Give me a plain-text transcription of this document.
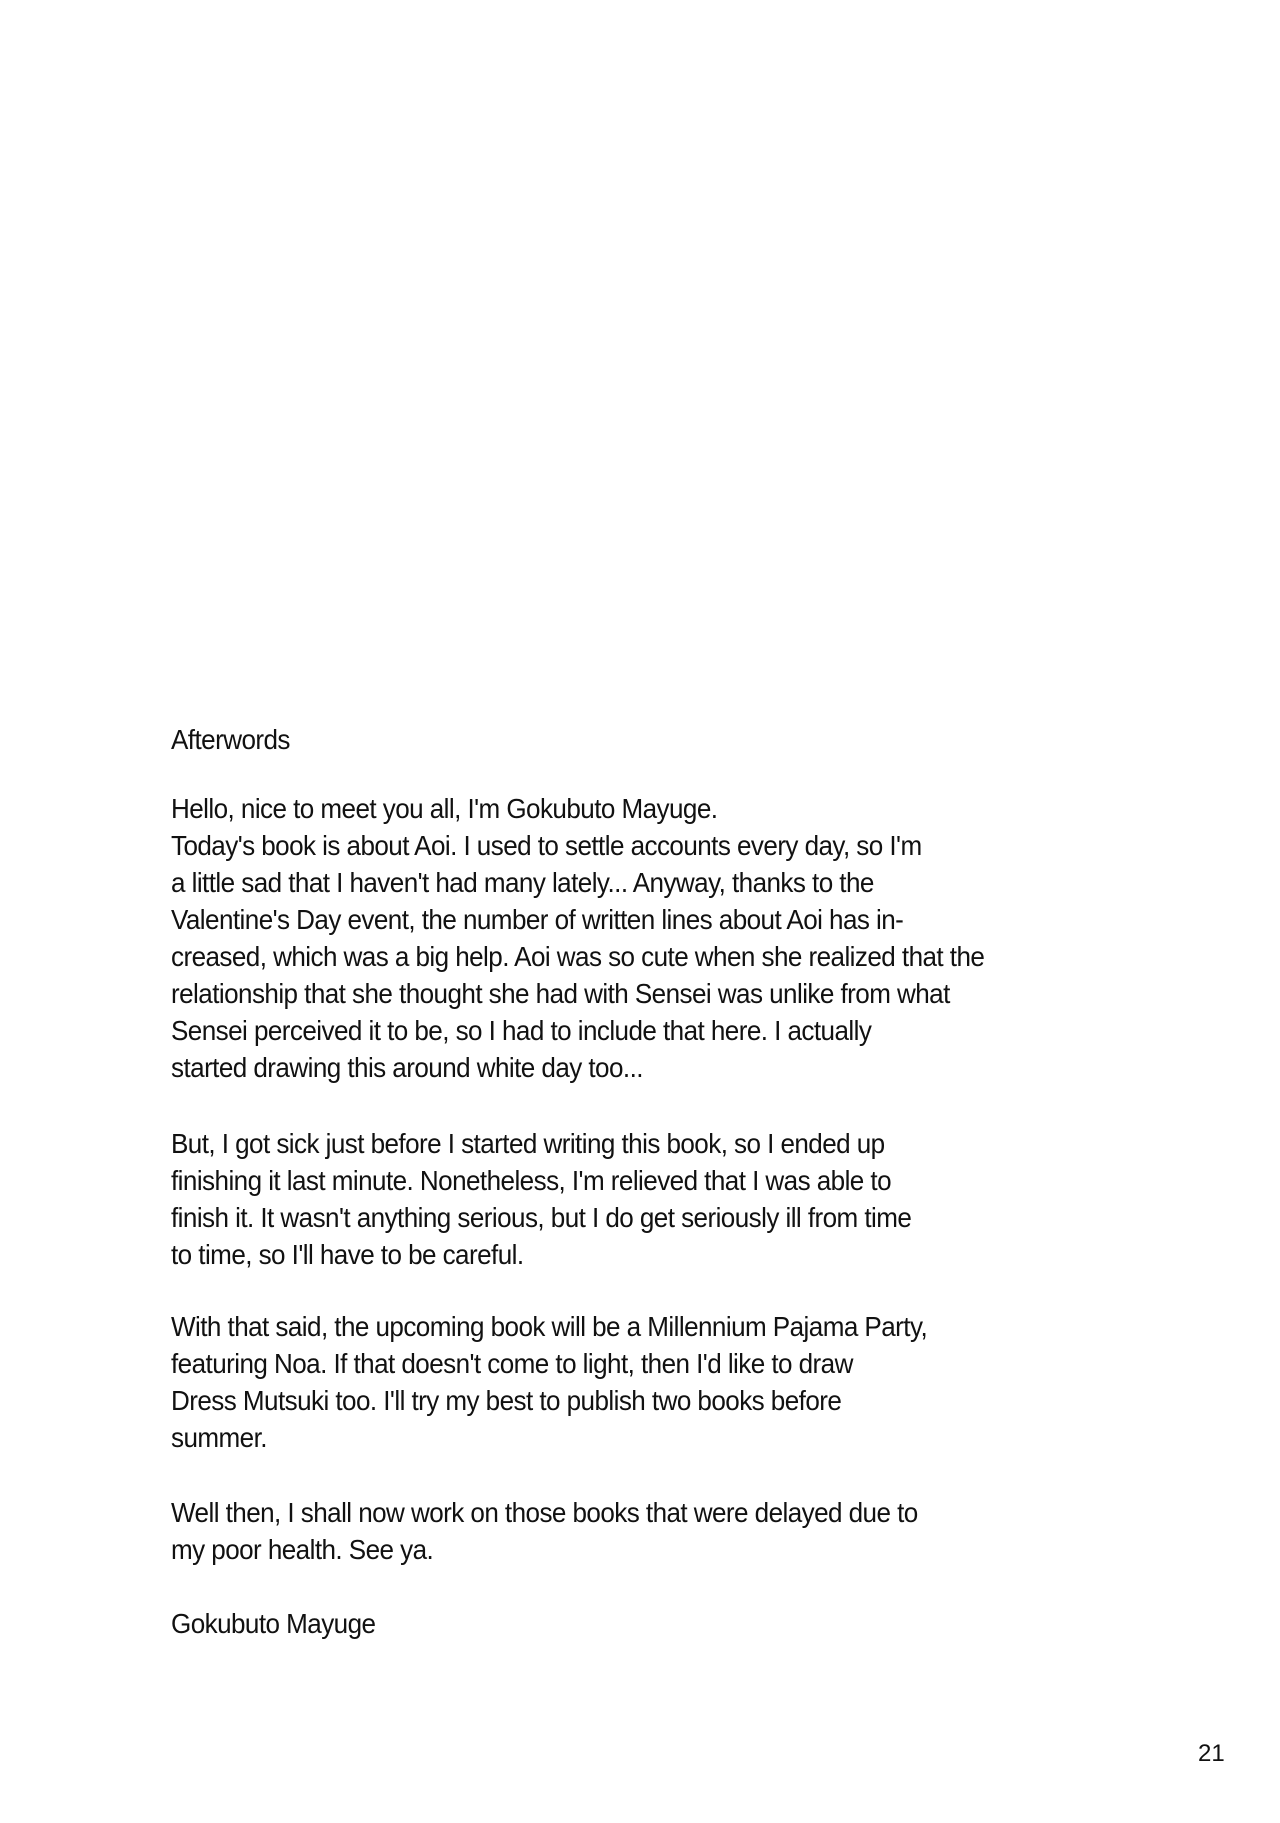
Afterwords
Hello, nice to meet you all, I'm Gokubuto Mayuge.
Today's book is about Aoi. I used to settle accounts every day, so I'm
a little sad that I haven't had many lately... Anyway, thanks to the
Valentine's Day event, the number of written lines about Aoi has in-
creased, which was a big help. Aoi was so cute when she realized that the
relationship that she thought she had with Sensei was unlike from what
Sensei perceived it to be, so I had to include that here. I actually
started drawing this around white day too...
But, I got sick just before I started writing this book, so I ended up
finishing it last minute. Nonetheless, I'm relieved that I was able to
finish it. It wasn't anything serious, but I do get seriously ill from time
to time, so I'll have to be careful.
With that said, the upcoming book will be a Millennium Pajama Party,
featuring Noa. If that doesn't come to light, then I'd like to draw
Dress Mutsuki too. I'll try my best to publish two books before
summer.
Well then, I shall now work on those books that were delayed due to
my poor health. See ya.
Gokubuto Mayuge
21
